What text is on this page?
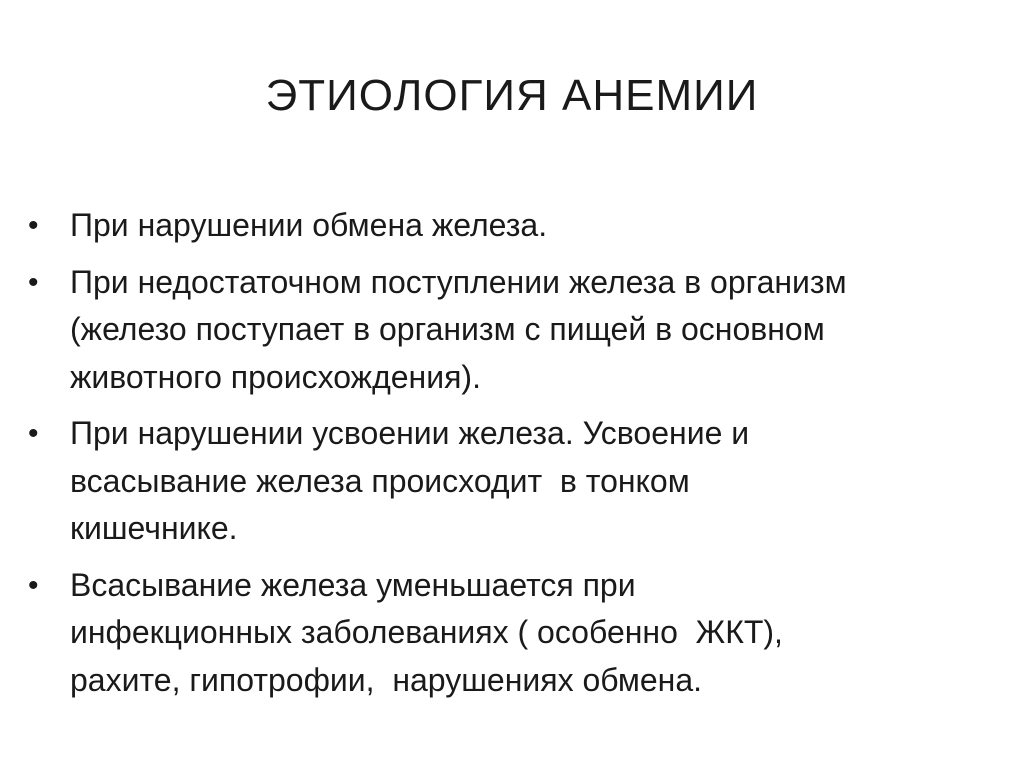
ЭТИОЛОГИЯ АНЕМИИ
• При нарушении обмена железа.
• При недостаточном поступлении железа в организм
(железо поступает в организм с пищей в основном
животного происхождения).
• При нарушении усвоении железа. Усвоение и
всасывание железа происходит  в тонком
кишечнике.
• Всасывание железа уменьшается при
инфекционных заболеваниях ( особенно  ЖКТ),
рахите, гипотрофии,  нарушениях обмена.
